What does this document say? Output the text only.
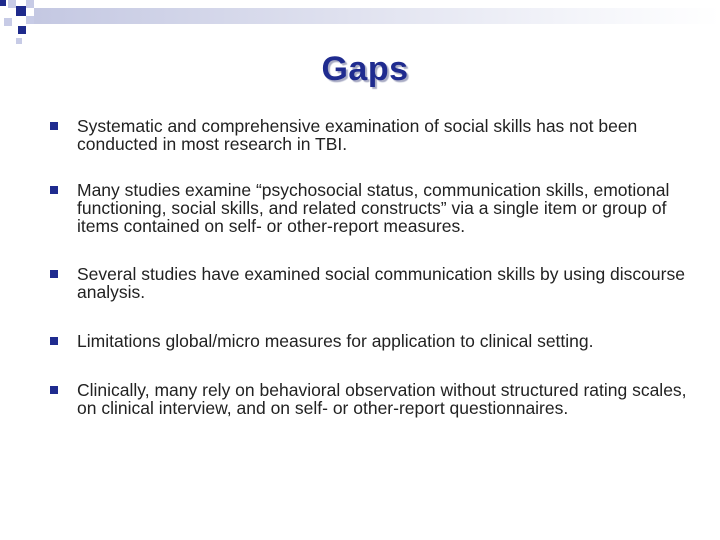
Gaps
Systematic and comprehensive examination of social skills has not been conducted in most research in TBI.
Many studies examine “psychosocial status, communication skills, emotional functioning, social skills, and related constructs” via a single item or group of items contained on self- or other-report measures.
Several studies have examined social communication skills by using discourse analysis.
Limitations global/micro measures for application to clinical setting.
Clinically, many rely on behavioral observation without structured rating scales, on clinical interview, and on self- or other-report questionnaires.
